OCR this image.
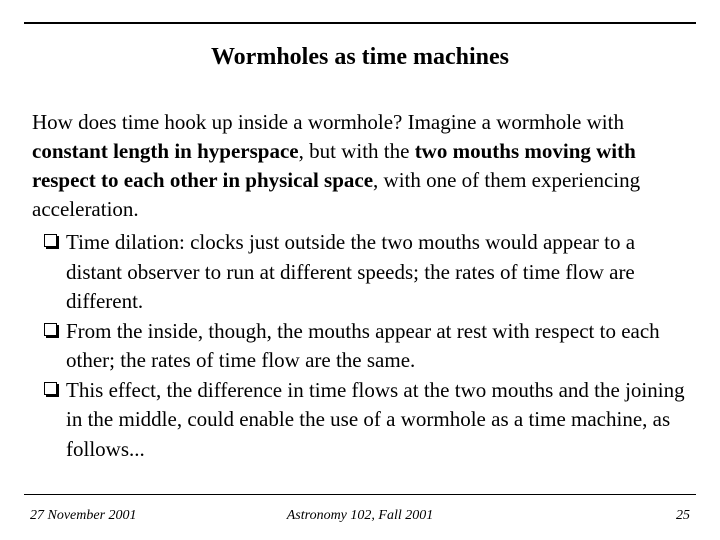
Wormholes as time machines
How does time hook up inside a wormhole? Imagine a wormhole with constant length in hyperspace, but with the two mouths moving with respect to each other in physical space, with one of them experiencing acceleration.
Time dilation: clocks just outside the two mouths would appear to a distant observer to run at different speeds; the rates of time flow are different.
From the inside, though, the mouths appear at rest with respect to each other; the rates of time flow are the same.
This effect, the difference in time flows at the two mouths and the joining in the middle, could enable the use of a wormhole as a time machine, as follows...
27 November 2001	Astronomy 102, Fall 2001	25
